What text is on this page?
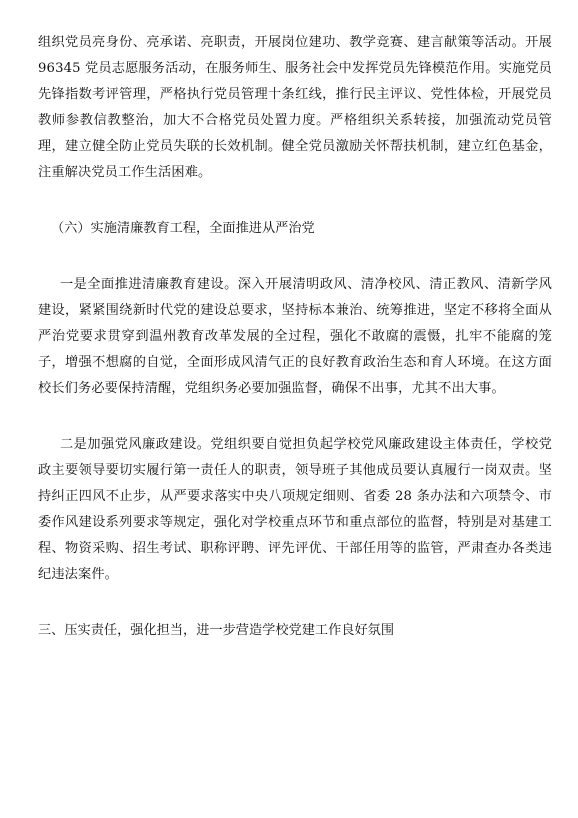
组织党员亮身份、亮承诺、亮职责，开展岗位建功、教学竞赛、建言献策等活动。开展 96345 党员志愿服务活动，在服务师生、服务社会中发挥党员先锋模范作用。实施党员先锋指数考评管理，严格执行党员管理十条红线，推行民主评议、党性体检，开展党员教师参教信教整治，加大不合格党员处置力度。严格组织关系转接，加强流动党员管理，建立健全防止党员失联的长效机制。健全党员激励关怀帮扶机制，建立红色基金，注重解决党员工作生活困难。

（六）实施清廉教育工程，全面推进从严治党

一是全面推进清廉教育建设。深入开展清明政风、清净校风、清正教风、清新学风建设，紧紧围绕新时代党的建设总要求，坚持标本兼治、统筹推进，坚定不移将全面从严治党要求贯穿到温州教育改革发展的全过程，强化不敢腐的震慑，扎牢不能腐的笼子，增强不想腐的自觉，全面形成风清气正的良好教育政治生态和育人环境。在这方面校长们务必要保持清醒，党组织务必要加强监督，确保不出事，尤其不出大事。

二是加强党风廉政建设。党组织要自觉担负起学校党风廉政建设主体责任，学校党政主要领导要切实履行第一责任人的职责，领导班子其他成员要认真履行一岗双责。坚持纠正四风不止步，从严要求落实中央八项规定细则、省委 28 条办法和六项禁令、市委作风建设系列要求等规定，强化对学校重点环节和重点部位的监督，特别是对基建工程、物资采购、招生考试、职称评聘、评先评优、干部任用等的监管，严肃查办各类违纪违法案件。

三、压实责任，强化担当，进一步营造学校党建工作良好氛围
